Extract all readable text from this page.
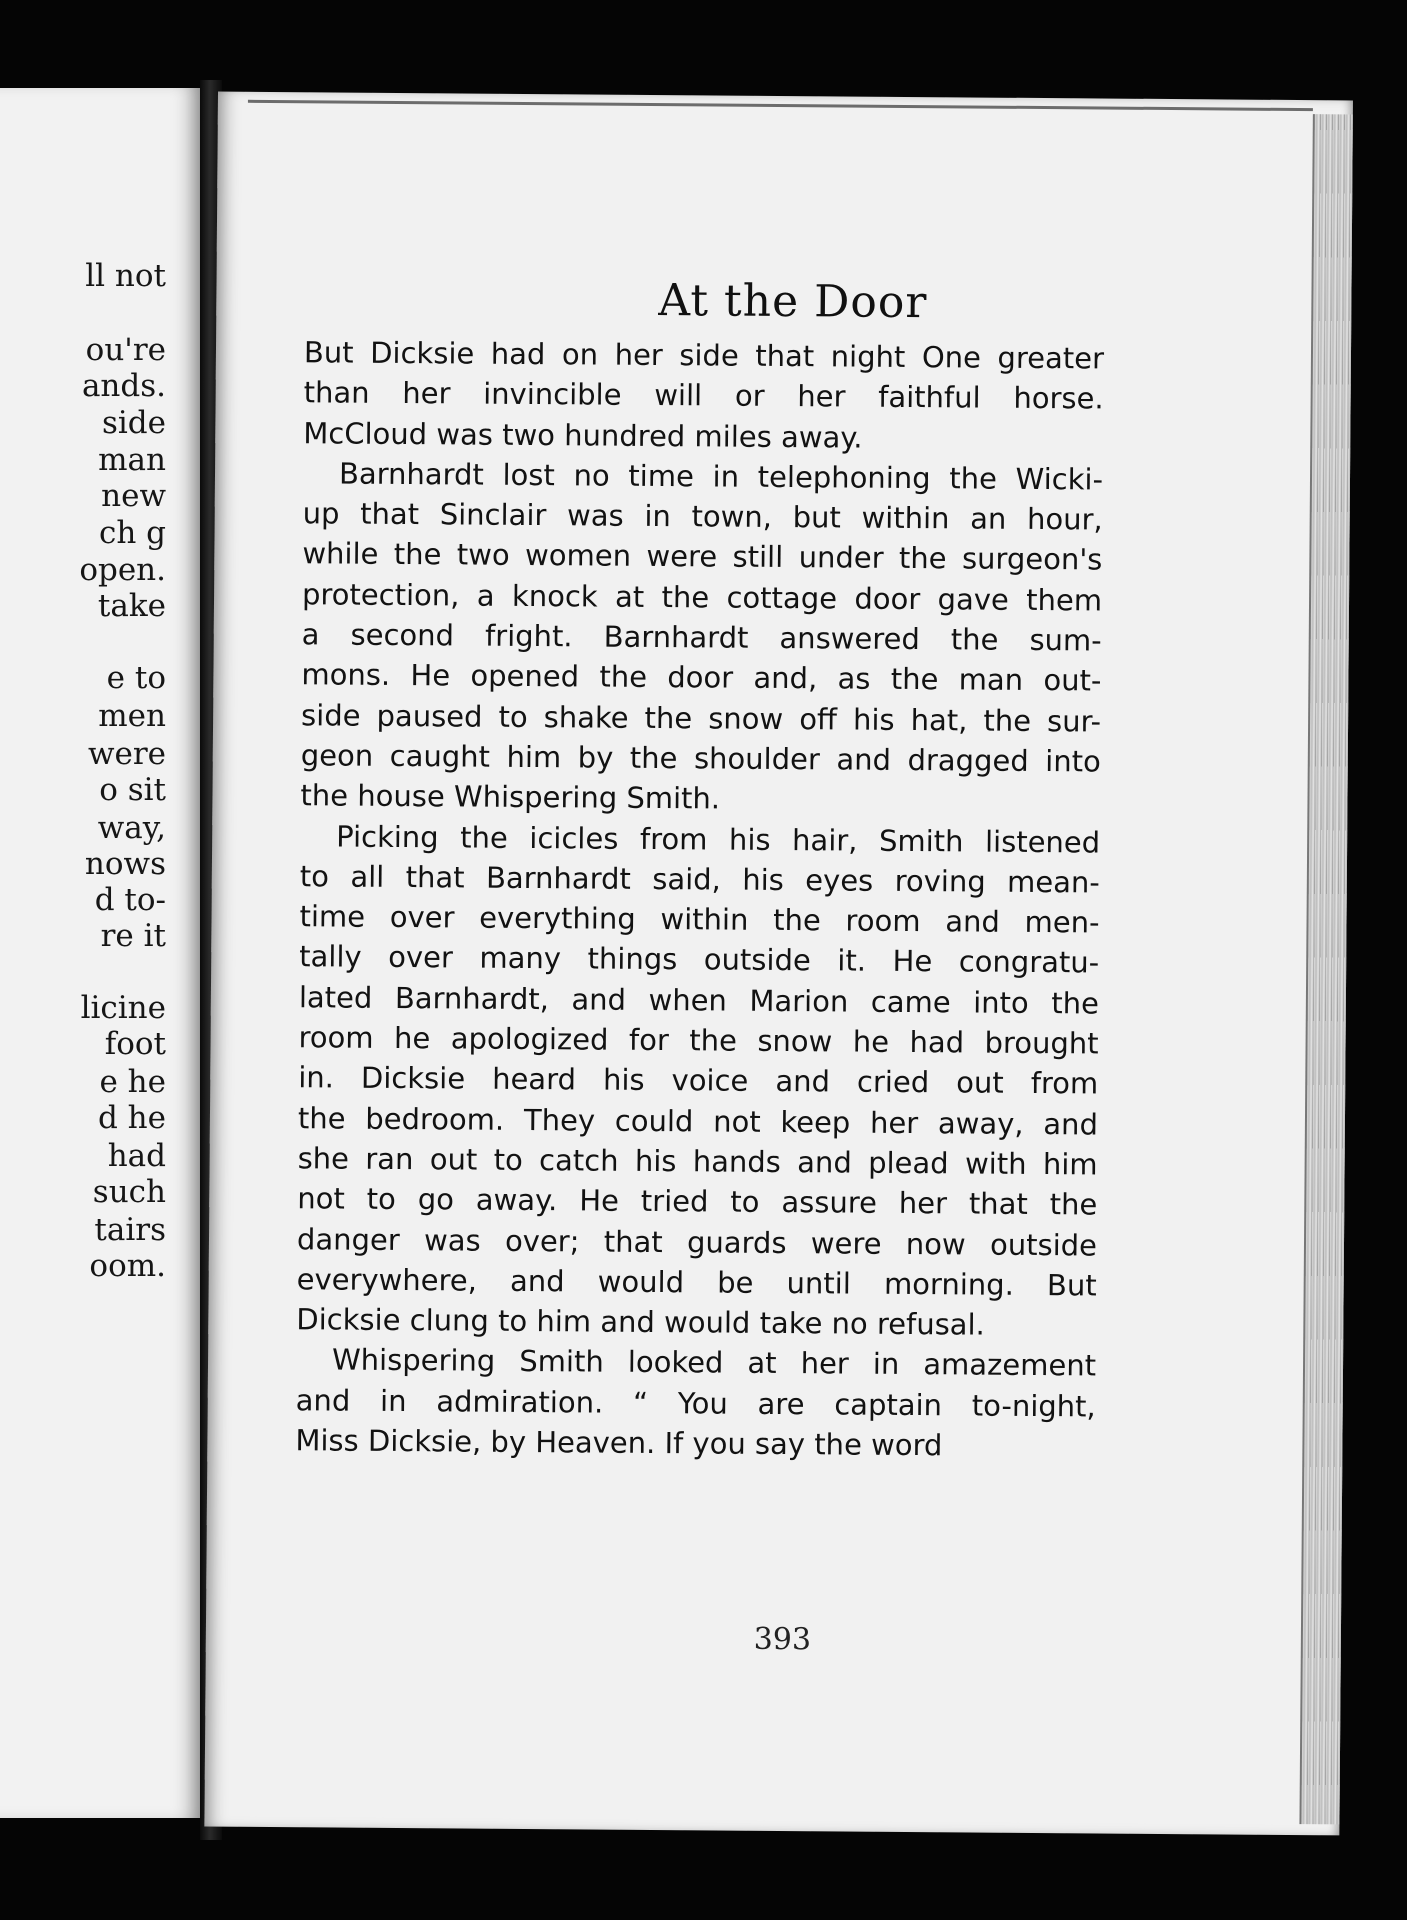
ll not
ou're
ands.
side
man
new
ch g
open.
take
e to
men
were
o sit
way,
nows
d to-
re it
licine
foot
e he
d he
had
such
tairs
oom.
At the Door
But Dicksie had on her side that night One greater
than her invincible will or her faithful horse.
McCloud was two hundred miles away.
Barnhardt lost no time in telephoning the Wicki-
up that Sinclair was in town, but within an hour,
while the two women were still under the surgeon's
protection, a knock at the cottage door gave them
a second fright. Barnhardt answered the sum-
mons. He opened the door and, as the man out-
side paused to shake the snow off his hat, the sur-
geon caught him by the shoulder and dragged into
the house Whispering Smith.
Picking the icicles from his hair, Smith listened
to all that Barnhardt said, his eyes roving mean-
time over everything within the room and men-
tally over many things outside it. He congratu-
lated Barnhardt, and when Marion came into the
room he apologized for the snow he had brought
in. Dicksie heard his voice and cried out from
the bedroom. They could not keep her away, and
she ran out to catch his hands and plead with him
not to go away. He tried to assure her that the
danger was over; that guards were now outside
everywhere, and would be until morning. But
Dicksie clung to him and would take no refusal.
Whispering Smith looked at her in amazement
and in admiration. “ You are captain to-night,
Miss Dicksie, by Heaven. If you say the word
393
